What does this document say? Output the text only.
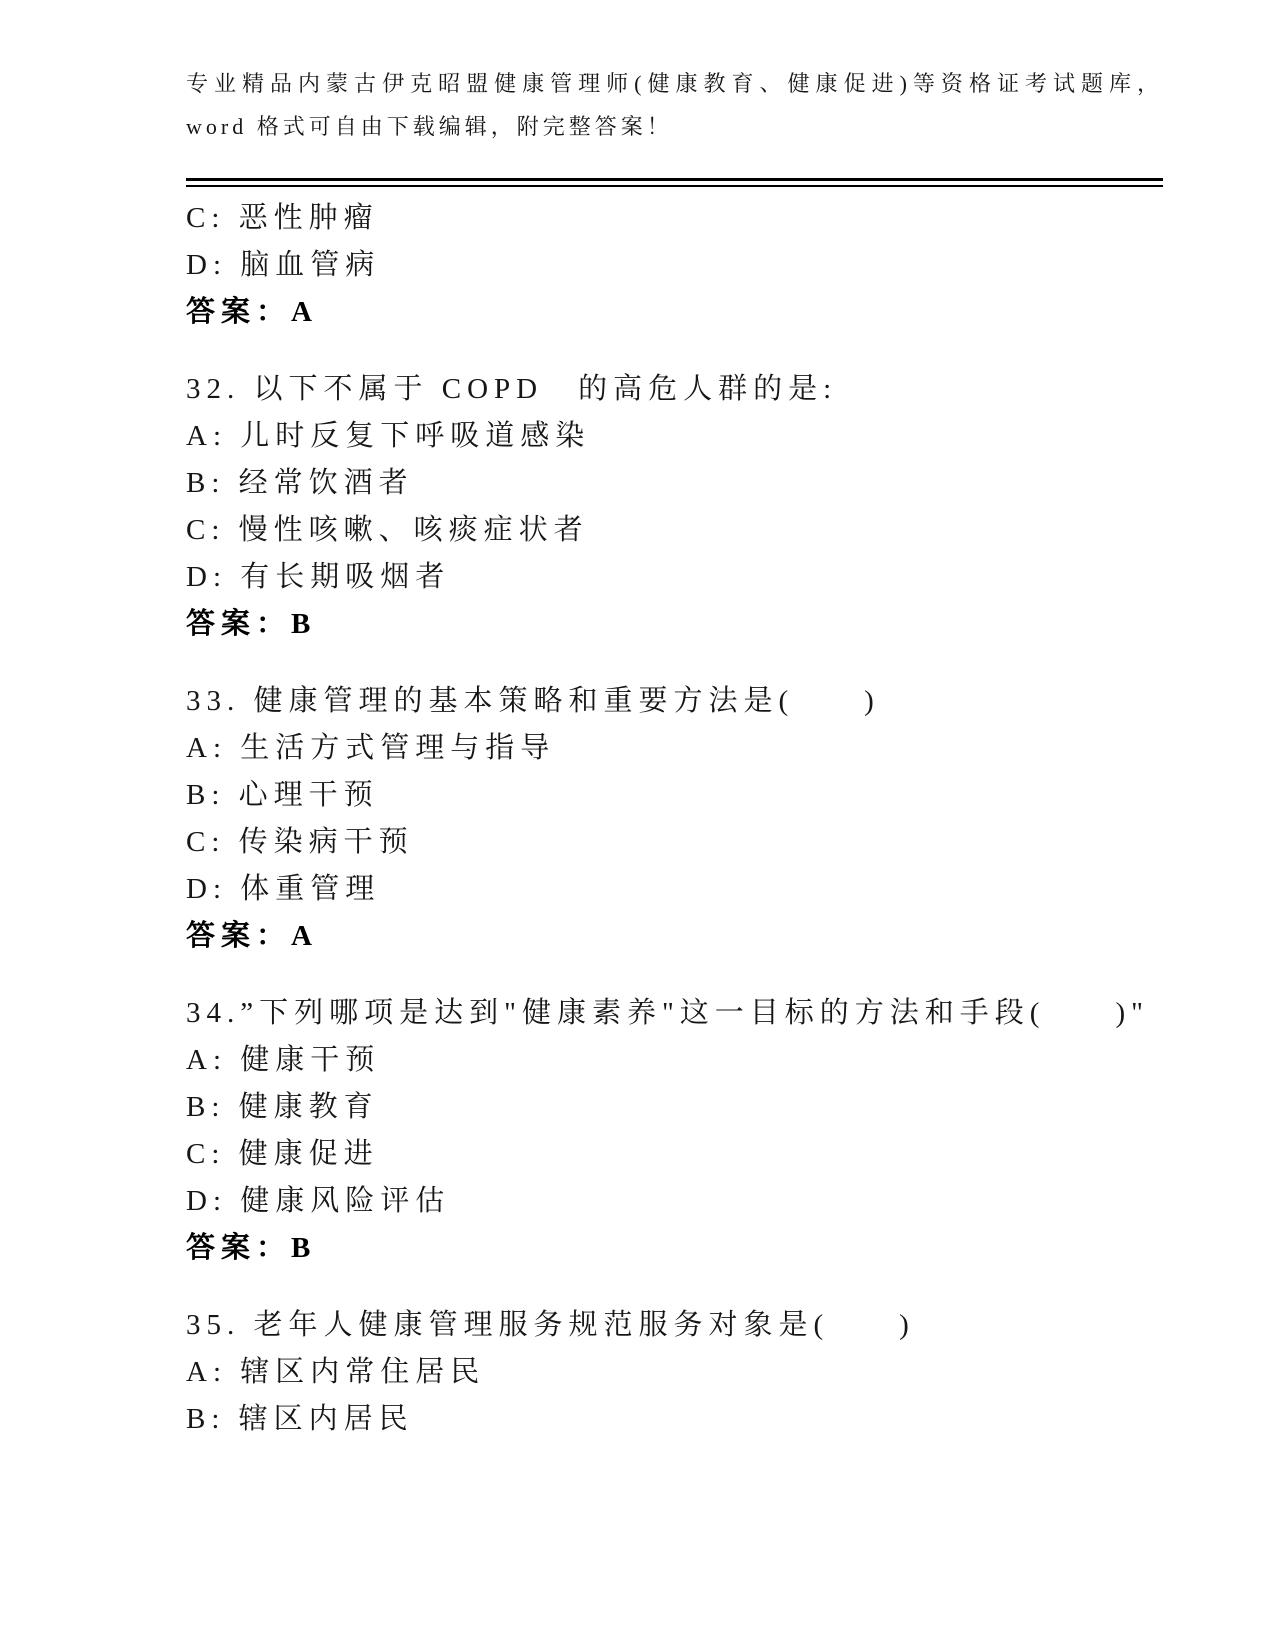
专业精品内蒙古伊克昭盟健康管理师(健康教育、健康促进)等资格证考试题库，
word 格式可自由下载编辑，附完整答案！
C: 恶性肿瘤
D: 脑血管病
答案：A
32. 以下不属于 COPD　的高危人群的是:
A: 儿时反复下呼吸道感染
B: 经常饮酒者
C: 慢性咳嗽、咳痰症状者
D: 有长期吸烟者
答案：B
33. 健康管理的基本策略和重要方法是(　　)
A: 生活方式管理与指导
B: 心理干预
C: 传染病干预
D: 体重管理
答案：A
34.”下列哪项是达到"健康素养"这一目标的方法和手段(　　)"
A: 健康干预
B: 健康教育
C: 健康促进
D: 健康风险评估
答案：B
35. 老年人健康管理服务规范服务对象是(　　)
A: 辖区内常住居民
B: 辖区内居民
